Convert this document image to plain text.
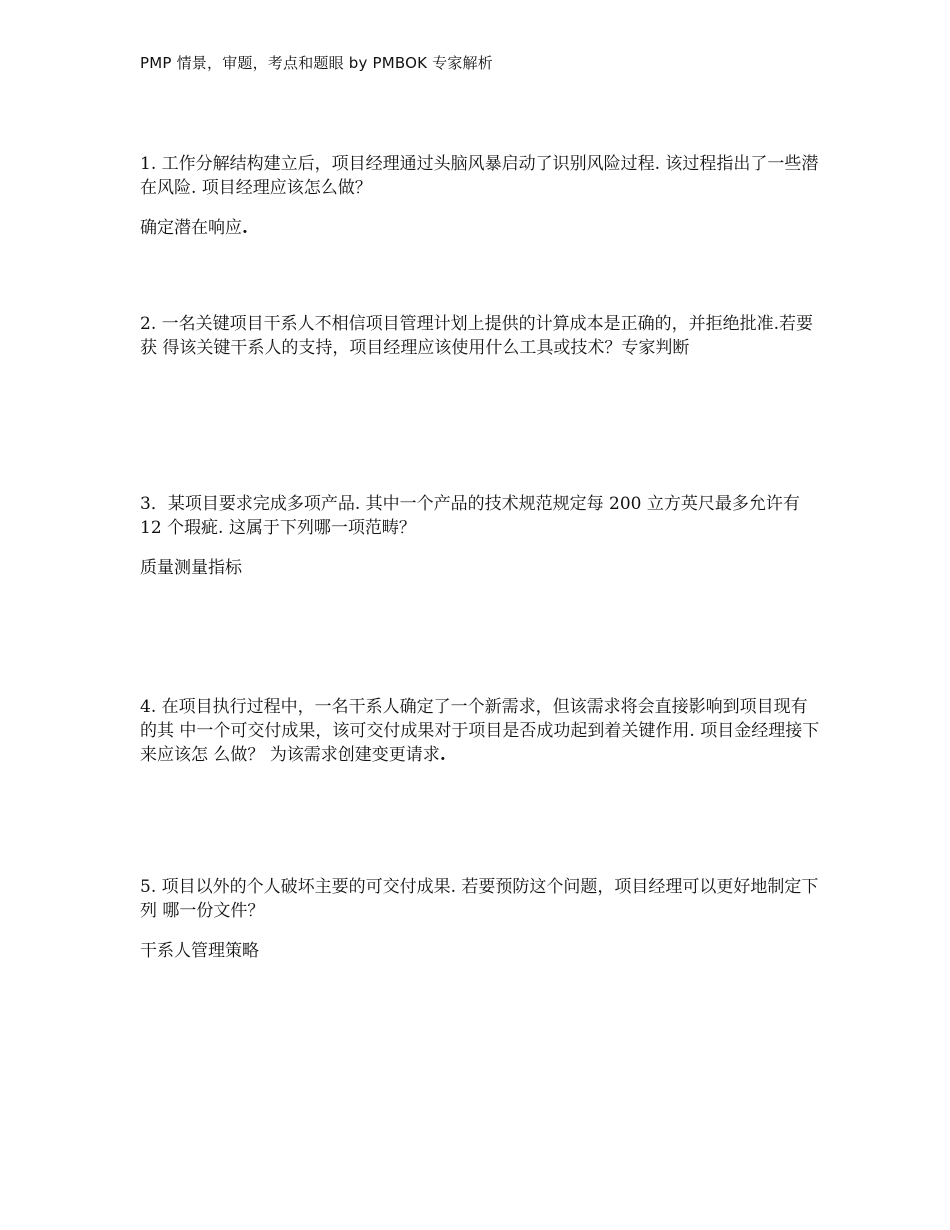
PMP 情景，审题，考点和题眼 by PMBOK 专家解析

1. 工作分解结构建立后，项目经理通过头脑风暴启动了识别风险过程. 该过程指出了一些潜 在风险. 项目经理应该怎么做？

确定潜在响应.

2. 一名关键项目干系人不相信项目管理计划上提供的计算成本是正确的，并拒绝批准.若要获 得该关键干系人的支持，项目经理应该使用什么工具或技术？专家判断

3．某项目要求完成多项产品. 其中一个产品的技术规范规定每 200 立方英尺最多允许有 12 个瑕疵. 这属于下列哪一项范畴？

质量测量指标

4. 在项目执行过程中，一名干系人确定了一个新需求，但该需求将会直接影响到项目现有的其 中一个可交付成果，该可交付成果对于项目是否成功起到着关键作用. 项目金经理接下来应该怎 么做？ 为该需求创建变更请求.

5. 项目以外的个人破坏主要的可交付成果. 若要预防这个问题，项目经理可以更好地制定下列 哪一份文件？

干系人管理策略
